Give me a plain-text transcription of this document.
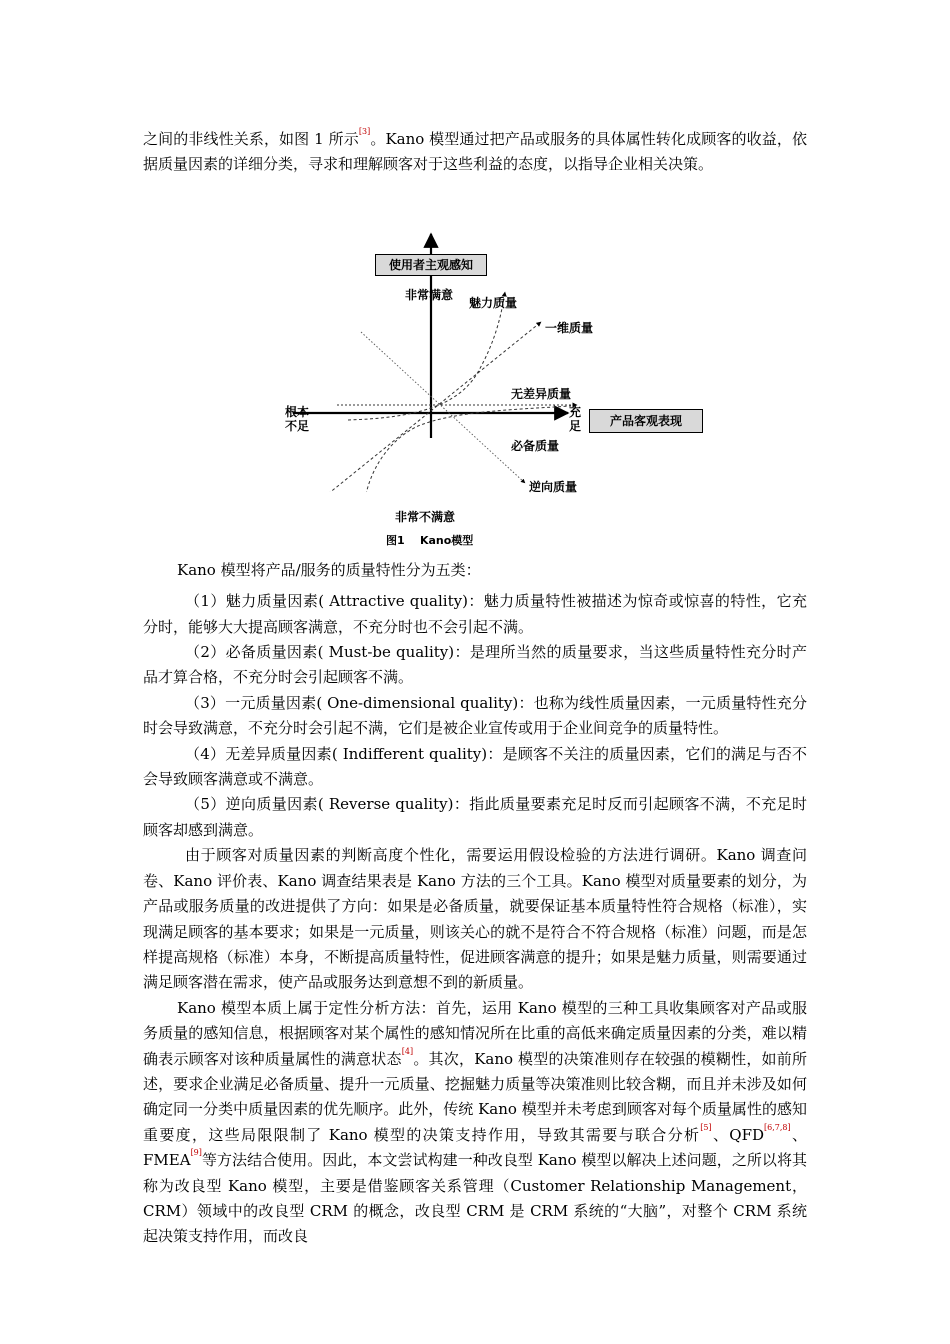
之间的非线性关系，如图 1 所示[3]。Kano 模型通过把产品或服务的具体属性转化成顾客的收益，依据质量因素的详细分类，寻求和理解顾客对于这些利益的态度，以指导企业相关决策。

使用者主观感知
产品客观表现
非常满意
非常不满意
根本
不足
充
足
魅力质量
一维质量
无差异质量
必备质量
逆向质量
图1    Kano模型

Kano 模型将产品/服务的质量特性分为五类：

（1）魅力质量因素( Attractive quality)：魅力质量特性被描述为惊奇或惊喜的特性，它充分时，能够大大提高顾客满意，不充分时也不会引起不满。

（2）必备质量因素( Must-be quality)：是理所当然的质量要求，当这些质量特性充分时产品才算合格，不充分时会引起顾客不满。

（3）一元质量因素( One-dimensional quality)：也称为线性质量因素，一元质量特性充分时会导致满意，不充分时会引起不满，它们是被企业宣传或用于企业间竞争的质量特性。

（4）无差异质量因素( Indifferent quality)：是顾客不关注的质量因素，它们的满足与否不会导致顾客满意或不满意。

（5）逆向质量因素( Reverse quality)：指此质量要素充足时反而引起顾客不满，不充足时顾客却感到满意。

由于顾客对质量因素的判断高度个性化，需要运用假设检验的方法进行调研。Kano 调查问卷、Kano 评价表、Kano 调查结果表是 Kano 方法的三个工具。Kano 模型对质量要素的划分，为产品或服务质量的改进提供了方向：如果是必备质量，就要保证基本质量特性符合规格（标准），实现满足顾客的基本要求；如果是一元质量，则该关心的就不是符合不符合规格（标准）问题，而是怎样提高规格（标准）本身，不断提高质量特性，促进顾客满意的提升；如果是魅力质量，则需要通过满足顾客潜在需求，使产品或服务达到意想不到的新质量。

Kano 模型本质上属于定性分析方法：首先，运用 Kano 模型的三种工具收集顾客对产品或服务质量的感知信息，根据顾客对某个属性的感知情况所在比重的高低来确定质量因素的分类，难以精确表示顾客对该种质量属性的满意状态[4]。其次，Kano 模型的决策准则存在较强的模糊性，如前所述，要求企业满足必备质量、提升一元质量、挖掘魅力质量等决策准则比较含糊，而且并未涉及如何确定同一分类中质量因素的优先顺序。此外，传统 Kano 模型并未考虑到顾客对每个质量属性的感知重要度，这些局限限制了 Kano 模型的决策支持作用，导致其需要与联合分析[5]、QFD[6,7,8]、FMEA[9]等方法结合使用。因此，本文尝试构建一种改良型 Kano 模型以解决上述问题，之所以将其称为改良型 Kano 模型，主要是借鉴顾客关系管理（Customer Relationship Management，CRM）领域中的改良型 CRM 的概念，改良型 CRM 是 CRM 系统的“大脑”，对整个 CRM 系统起决策支持作用，而改良
